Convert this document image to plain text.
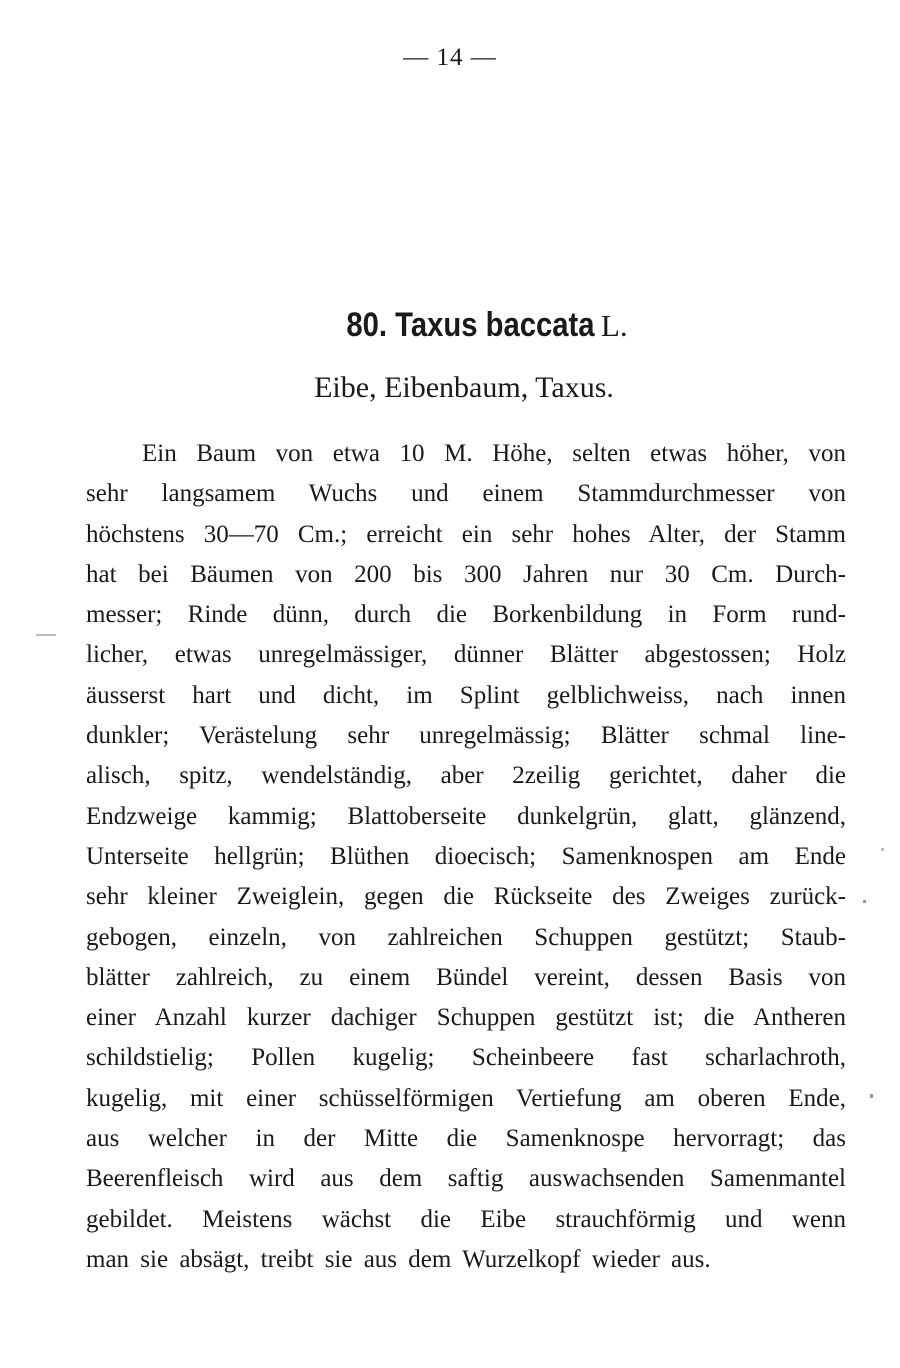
— 14 —
80. Taxus baccata L.
Eibe, Eibenbaum, Taxus.
Ein Baum von etwa 10 M. Höhe, selten etwas höher, von
sehr langsamem Wuchs und einem Stammdurchmesser von
höchstens 30—70 Cm.; erreicht ein sehr hohes Alter, der Stamm
hat bei Bäumen von 200 bis 300 Jahren nur 30 Cm. Durch-
messer; Rinde dünn, durch die Borkenbildung in Form rund-
licher, etwas unregelmässiger, dünner Blätter abgestossen; Holz
äusserst hart und dicht, im Splint gelblichweiss, nach innen
dunkler; Verästelung sehr unregelmässig; Blätter schmal line-
alisch, spitz, wendelständig, aber 2zeilig gerichtet, daher die
Endzweige kammig; Blattoberseite dunkelgrün, glatt, glänzend,
Unterseite hellgrün; Blüthen dioecisch; Samenknospen am Ende
sehr kleiner Zweiglein, gegen die Rückseite des Zweiges zurück-
gebogen, einzeln, von zahlreichen Schuppen gestützt; Staub-
blätter zahlreich, zu einem Bündel vereint, dessen Basis von
einer Anzahl kurzer dachiger Schuppen gestützt ist; die Antheren
schildstielig; Pollen kugelig; Scheinbeere fast scharlachroth,
kugelig, mit einer schüsselförmigen Vertiefung am oberen Ende,
aus welcher in der Mitte die Samenknospe hervorragt; das
Beerenfleisch wird aus dem saftig auswachsenden Samenmantel
gebildet. Meistens wächst die Eibe strauchförmig und wenn
man sie absägt, treibt sie aus dem Wurzelkopf wieder aus.
